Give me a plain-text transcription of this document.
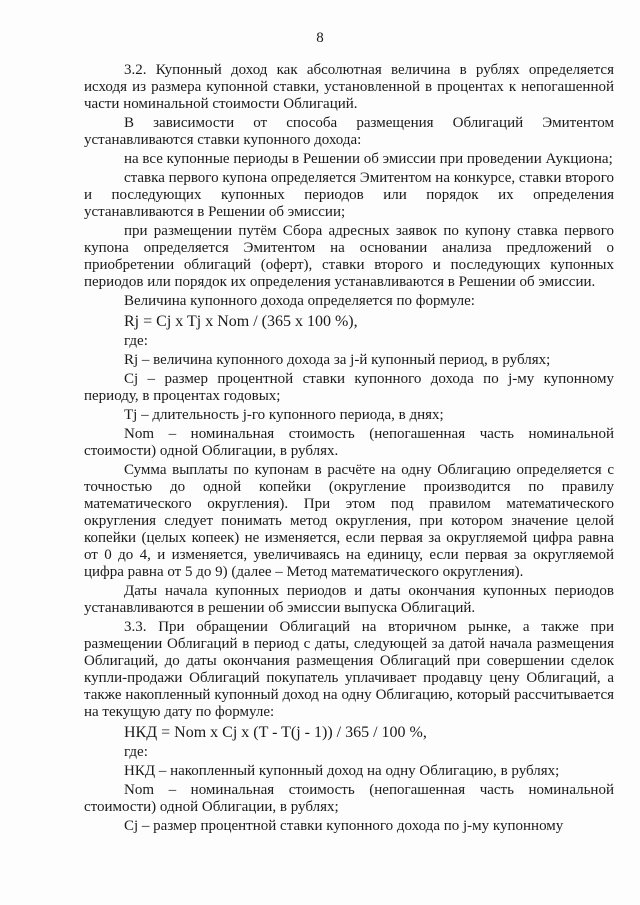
8

3.2. Купонный доход как абсолютная величина в рублях определяется исходя из размера купонной ставки, установленной в процентах к непогашенной части номинальной стоимости Облигаций.

В зависимости от способа размещения Облигаций Эмитентом устанавливаются ставки купонного дохода:

на все купонные периоды в Решении об эмиссии при проведении Аукциона;

ставка первого купона определяется Эмитентом на конкурсе, ставки второго и последующих купонных периодов или порядок их определения устанавливаются в Решении об эмиссии;

при размещении путём Сбора адресных заявок по купону ставка первого купона определяется Эмитентом на основании анализа предложений о приобретении облигаций (оферт), ставки второго и последующих купонных периодов или порядок их определения устанавливаются в Решении об эмиссии.

Величина купонного дохода определяется по формуле:

Rj = Cj x Tj x Nom / (365 x 100 %),

где:

Rj – величина купонного дохода за j-й купонный период, в рублях;

Cj – размер процентной ставки купонного дохода по j-му купонному периоду, в процентах годовых;

Tj – длительность j-го купонного периода, в днях;

Nom – номинальная стоимость (непогашенная часть номинальной стоимости) одной Облигации, в рублях.

Сумма выплаты по купонам в расчёте на одну Облигацию определяется с точностью до одной копейки (округление производится по правилу математического округления). При этом под правилом математического округления следует понимать метод округления, при котором значение целой копейки (целых копеек) не изменяется, если первая за округляемой цифра равна от 0 до 4, и изменяется, увеличиваясь на единицу, если первая за округляемой цифра равна от 5 до 9) (далее – Метод математического округления).

Даты начала купонных периодов и даты окончания купонных периодов устанавливаются в решении об эмиссии выпуска Облигаций.

3.3. При обращении Облигаций на вторичном рынке, а также при размещении Облигаций в период с даты, следующей за датой начала размещения Облигаций, до даты окончания размещения Облигаций при совершении сделок купли-продажи Облигаций покупатель уплачивает продавцу цену Облигаций, а также накопленный купонный доход на одну Облигацию, который рассчитывается на текущую дату по формуле:

НКД = Nom x Cj x (T - T(j - 1)) / 365 / 100 %,

где:

НКД – накопленный купонный доход на одну Облигацию, в рублях;

Nom – номинальная стоимость (непогашенная часть номинальной стоимости) одной Облигации, в рублях;

Cj – размер процентной ставки купонного дохода по j-му купонному
